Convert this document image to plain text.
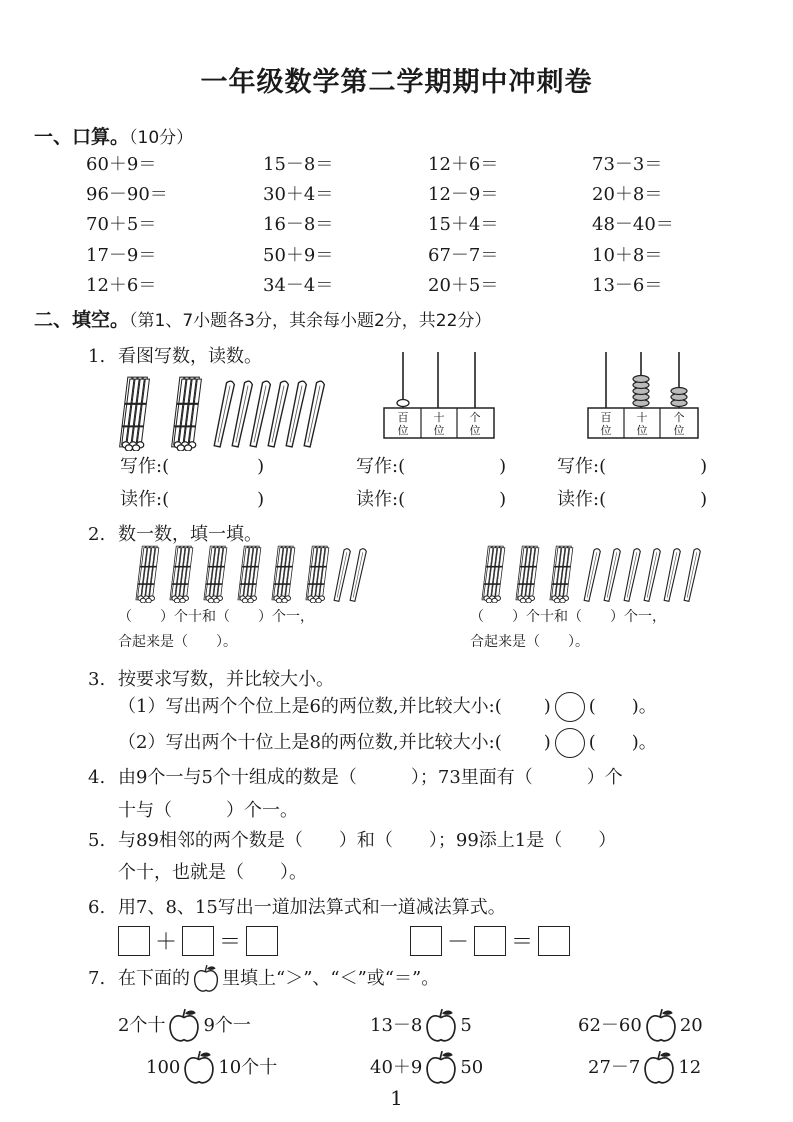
一年级数学第二学期期中冲刺卷
一、口算。（10分）
60＋9＝	15－8＝	12＋6＝	73－3＝
96－90＝	30＋4＝	12－9＝	20＋8＝
70＋5＝	16－8＝	15＋4＝	48－40＝
17－9＝	50＋9＝	67－7＝	10＋8＝
12＋6＝	34－4＝	20＋5＝	13－6＝
二、填空。（第1、7小题各3分，其余每小题2分，共22分）
1. 看图写数，读数。
百
位
十
位
个
位
百
位
十
位
个
位
写作:(	)	写作:(	)	写作:(	)
读作:(	)	读作:(	)	读作:(	)
2. 数一数，填一填。
（　　）个十和（　　）个一，
合起来是（　　）。
（　　）个十和（　　）个一，
合起来是（　　）。
3. 按要求写数，并比较大小。
（1）写出两个个位上是6的两位数,并比较大小:( ) (　　)。
（2）写出两个十位上是8的两位数,并比较大小:( ) (　　)。
4. 由9个一与5个十组成的数是（　　　）；73里面有（　　　）个
十与（　　　）个一。
5. 与89相邻的两个数是（　　）和（　　）；99添上1是（　　）
个十，也就是（　　）。
6. 用7、8、15写出一道加法算式和一道减法算式。
＋ ＝	－ ＝
7. 在下面的 里填上“＞”、“＜”或“＝”。
2个十 9个一	13－8 5	62－60 20
100 10个十	40＋9 50	27－7 12
1
